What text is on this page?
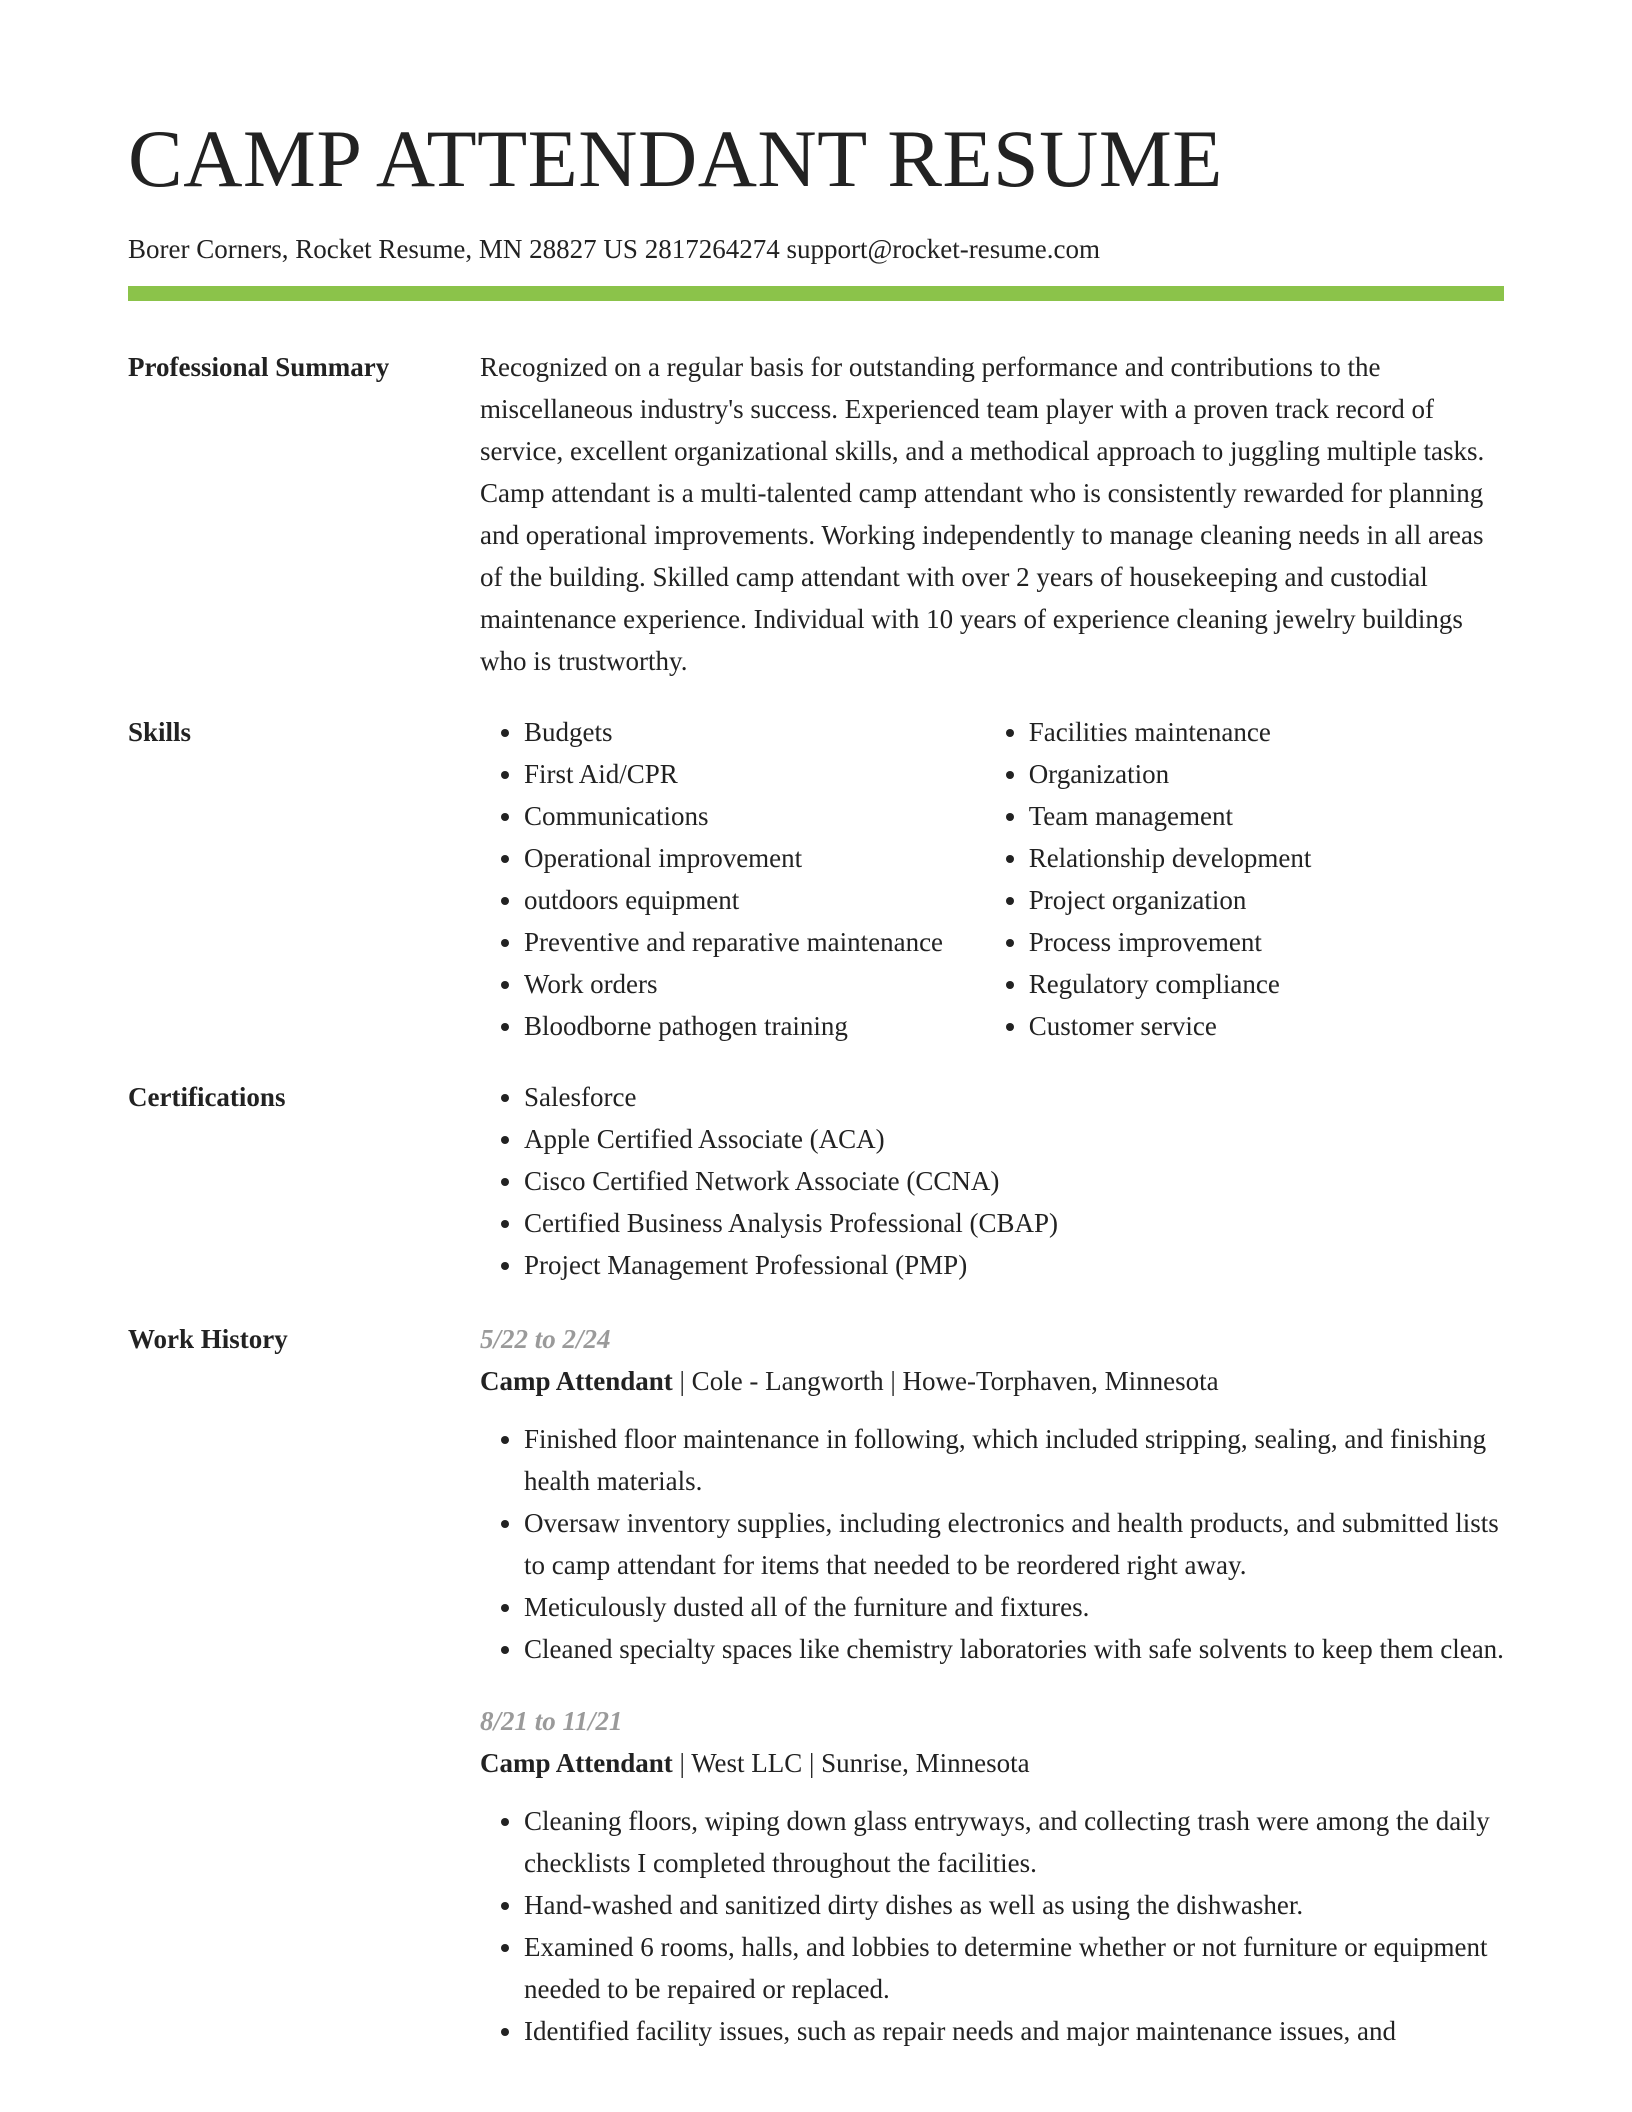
CAMP ATTENDANT RESUME
Borer Corners, Rocket Resume, MN 28827 US 2817264274 support@rocket-resume.com
Professional Summary	Recognized on a regular basis for outstanding performance and contributions to the miscellaneous industry's success. Experienced team player with a proven track record of service, excellent organizational skills, and a methodical approach to juggling multiple tasks. Camp attendant is a multi-talented camp attendant who is consistently rewarded for planning and operational improvements. Working independently to manage cleaning needs in all areas of the building. Skilled camp attendant with over 2 years of housekeeping and custodial maintenance experience. Individual with 10 years of experience cleaning jewelry buildings who is trustworthy.

Skills	• Budgets
• First Aid/CPR
• Communications
• Operational improvement
• outdoors equipment
• Preventive and reparative maintenance
• Work orders
• Bloodborne pathogen training
• Facilities maintenance
• Organization
• Team management
• Relationship development
• Project organization
• Process improvement
• Regulatory compliance
• Customer service
Certifications	• Salesforce
• Apple Certified Associate (ACA)
• Cisco Certified Network Associate (CCNA)
• Certified Business Analysis Professional (CBAP)
• Project Management Professional (PMP)
Work History	5/22 to 2/24
Camp Attendant | Cole - Langworth | Howe-Torphaven, Minnesota
• Finished floor maintenance in following, which included stripping, sealing, and finishing health materials.
• Oversaw inventory supplies, including electronics and health products, and submitted lists to camp attendant for items that needed to be reordered right away.
• Meticulously dusted all of the furniture and fixtures.
• Cleaned specialty spaces like chemistry laboratories with safe solvents to keep them clean.
8/21 to 11/21
Camp Attendant | West LLC | Sunrise, Minnesota
• Cleaning floors, wiping down glass entryways, and collecting trash were among the daily checklists I completed throughout the facilities.
• Hand-washed and sanitized dirty dishes as well as using the dishwasher.
• Examined 6 rooms, halls, and lobbies to determine whether or not furniture or equipment needed to be repaired or replaced.
• Identified facility issues, such as repair needs and major maintenance issues, and
